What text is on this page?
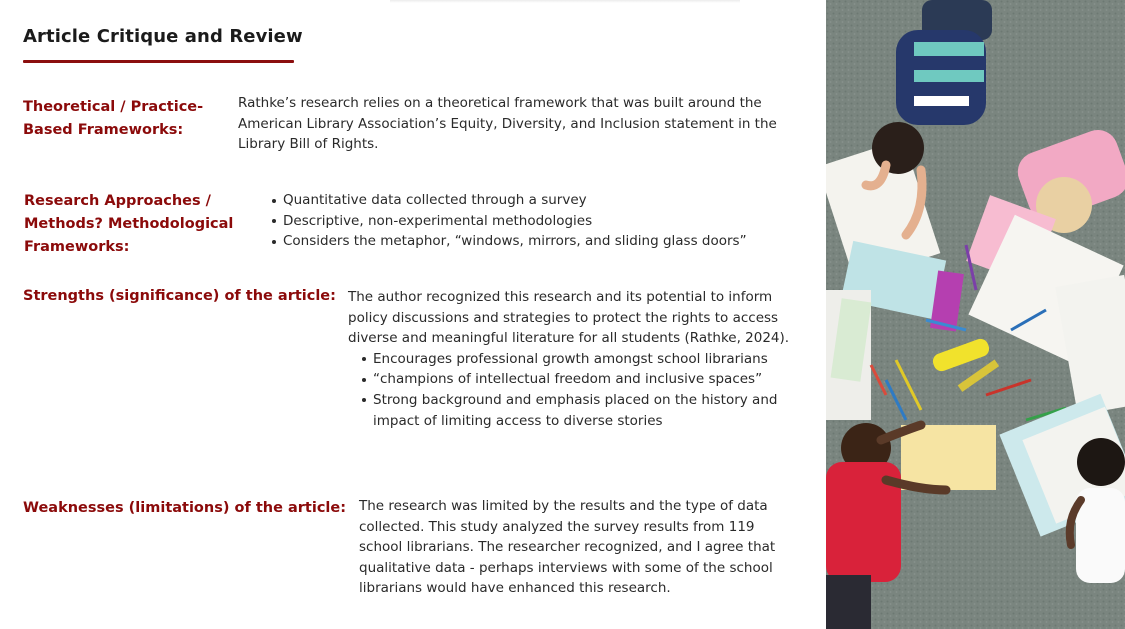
Article Critique and Review
Theoretical / Practice-Based Frameworks:

Rathke’s research relies on a theoretical framework that was built around the American Library Association’s Equity, Diversity, and Inclusion statement in the Library Bill of Rights.

Research Approaches / Methods? Methodological Frameworks:
Quantitative data collected through a survey
Descriptive, non-experimental methodologies
Considers the metaphor, “windows, mirrors, and sliding glass doors”
Strengths (significance) of the article: The author recognized this research and its potential to inform policy discussions and strategies to protect the rights to access diverse and meaningful literature for all students (Rathke, 2024).

Encourages professional growth amongst school librarians
“champions of intellectual freedom and inclusive spaces”
Strong background and emphasis placed on the history and impact of limiting access to diverse stories
Weaknesses (limitations) of the article: The research was limited by the results and the type of data collected. This study analyzed the survey results from 119 school librarians. The researcher recognized, and I agree that qualitative data - perhaps interviews with some of the school librarians would have enhanced this research.
